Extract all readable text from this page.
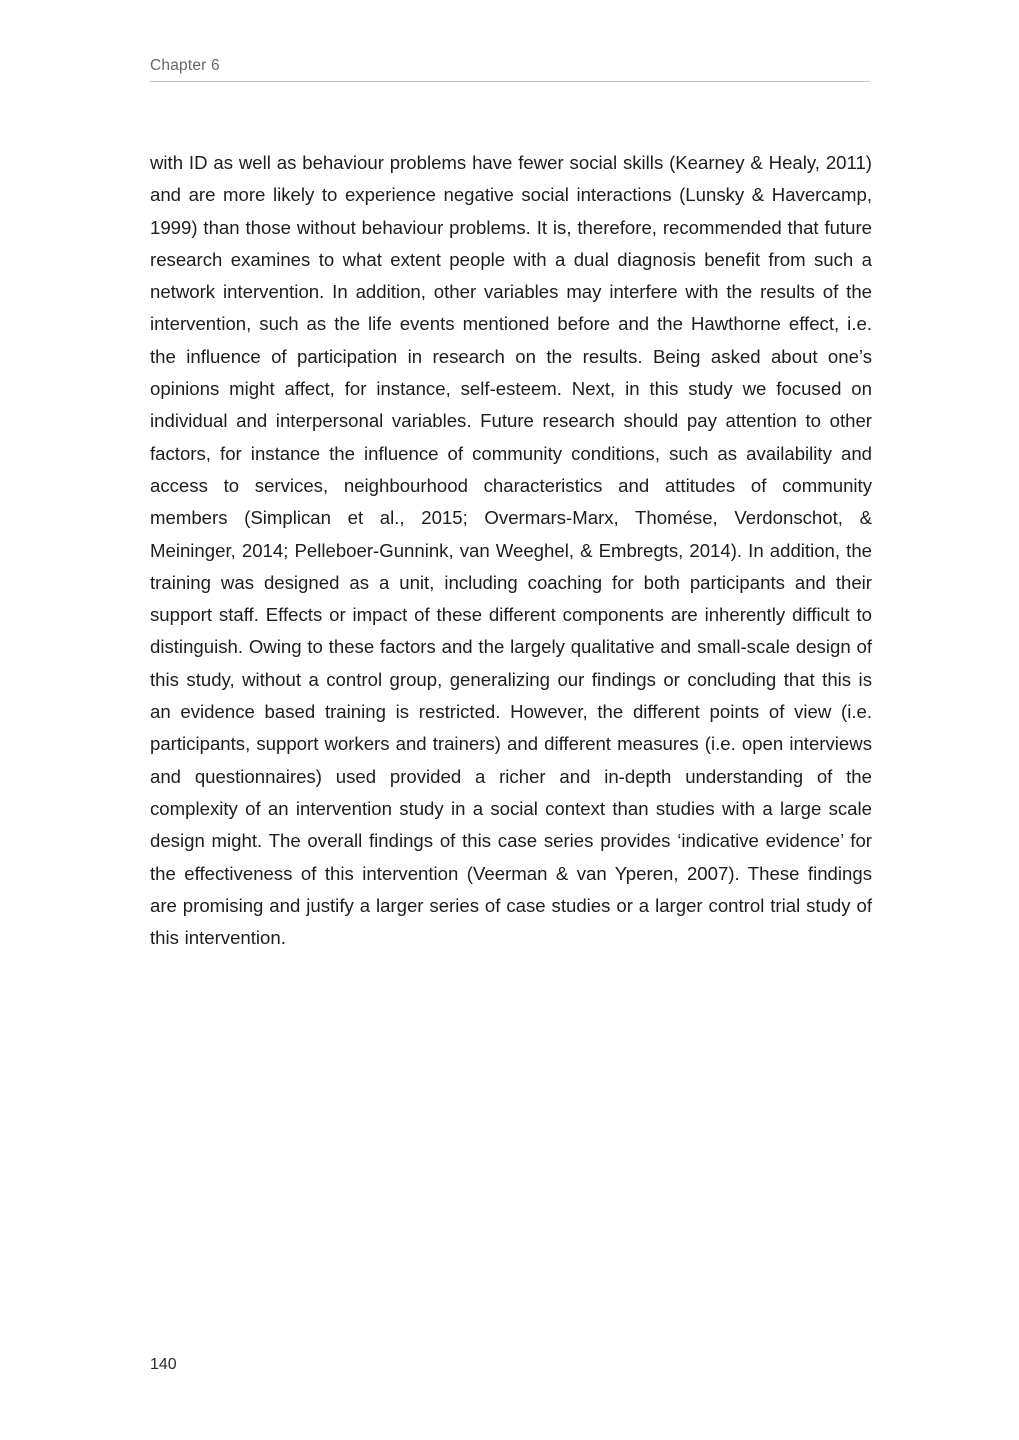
Chapter 6

with ID as well as behaviour problems have fewer social skills (Kearney & Healy, 2011) and are more likely to experience negative social interactions (Lunsky & Havercamp, 1999) than those without behaviour problems. It is, therefore, recommended that future research examines to what extent people with a dual diagnosis benefit from such a network intervention. In addition, other variables may interfere with the results of the intervention, such as the life events mentioned before and the Hawthorne effect, i.e. the influence of participation in research on the results. Being asked about one’s opinions might affect, for instance, self-esteem. Next, in this study we focused on individual and interpersonal variables. Future research should pay attention to other factors, for instance the influence of community conditions, such as availability and access to services, neighbourhood characteristics and attitudes of community members (Simplican et al., 2015; Overmars-Marx, Thomése, Verdonschot, & Meininger, 2014; Pelleboer-Gunnink, van Weeghel, & Embregts, 2014). In addition, the training was designed as a unit, including coaching for both participants and their support staff. Effects or impact of these different components are inherently difficult to distinguish. Owing to these factors and the largely qualitative and small-scale design of this study, without a control group, generalizing our findings or concluding that this is an evidence based training is restricted. However, the different points of view (i.e. participants, support workers and trainers) and different measures (i.e. open interviews and questionnaires) used provided a richer and in-depth understanding of the complexity of an intervention study in a social context than studies with a large scale design might. The overall findings of this case series provides ‘indicative evidence’ for the effectiveness of this intervention (Veerman & van Yperen, 2007). These findings are promising and justify a larger series of case studies or a larger control trial study of this intervention.

140
